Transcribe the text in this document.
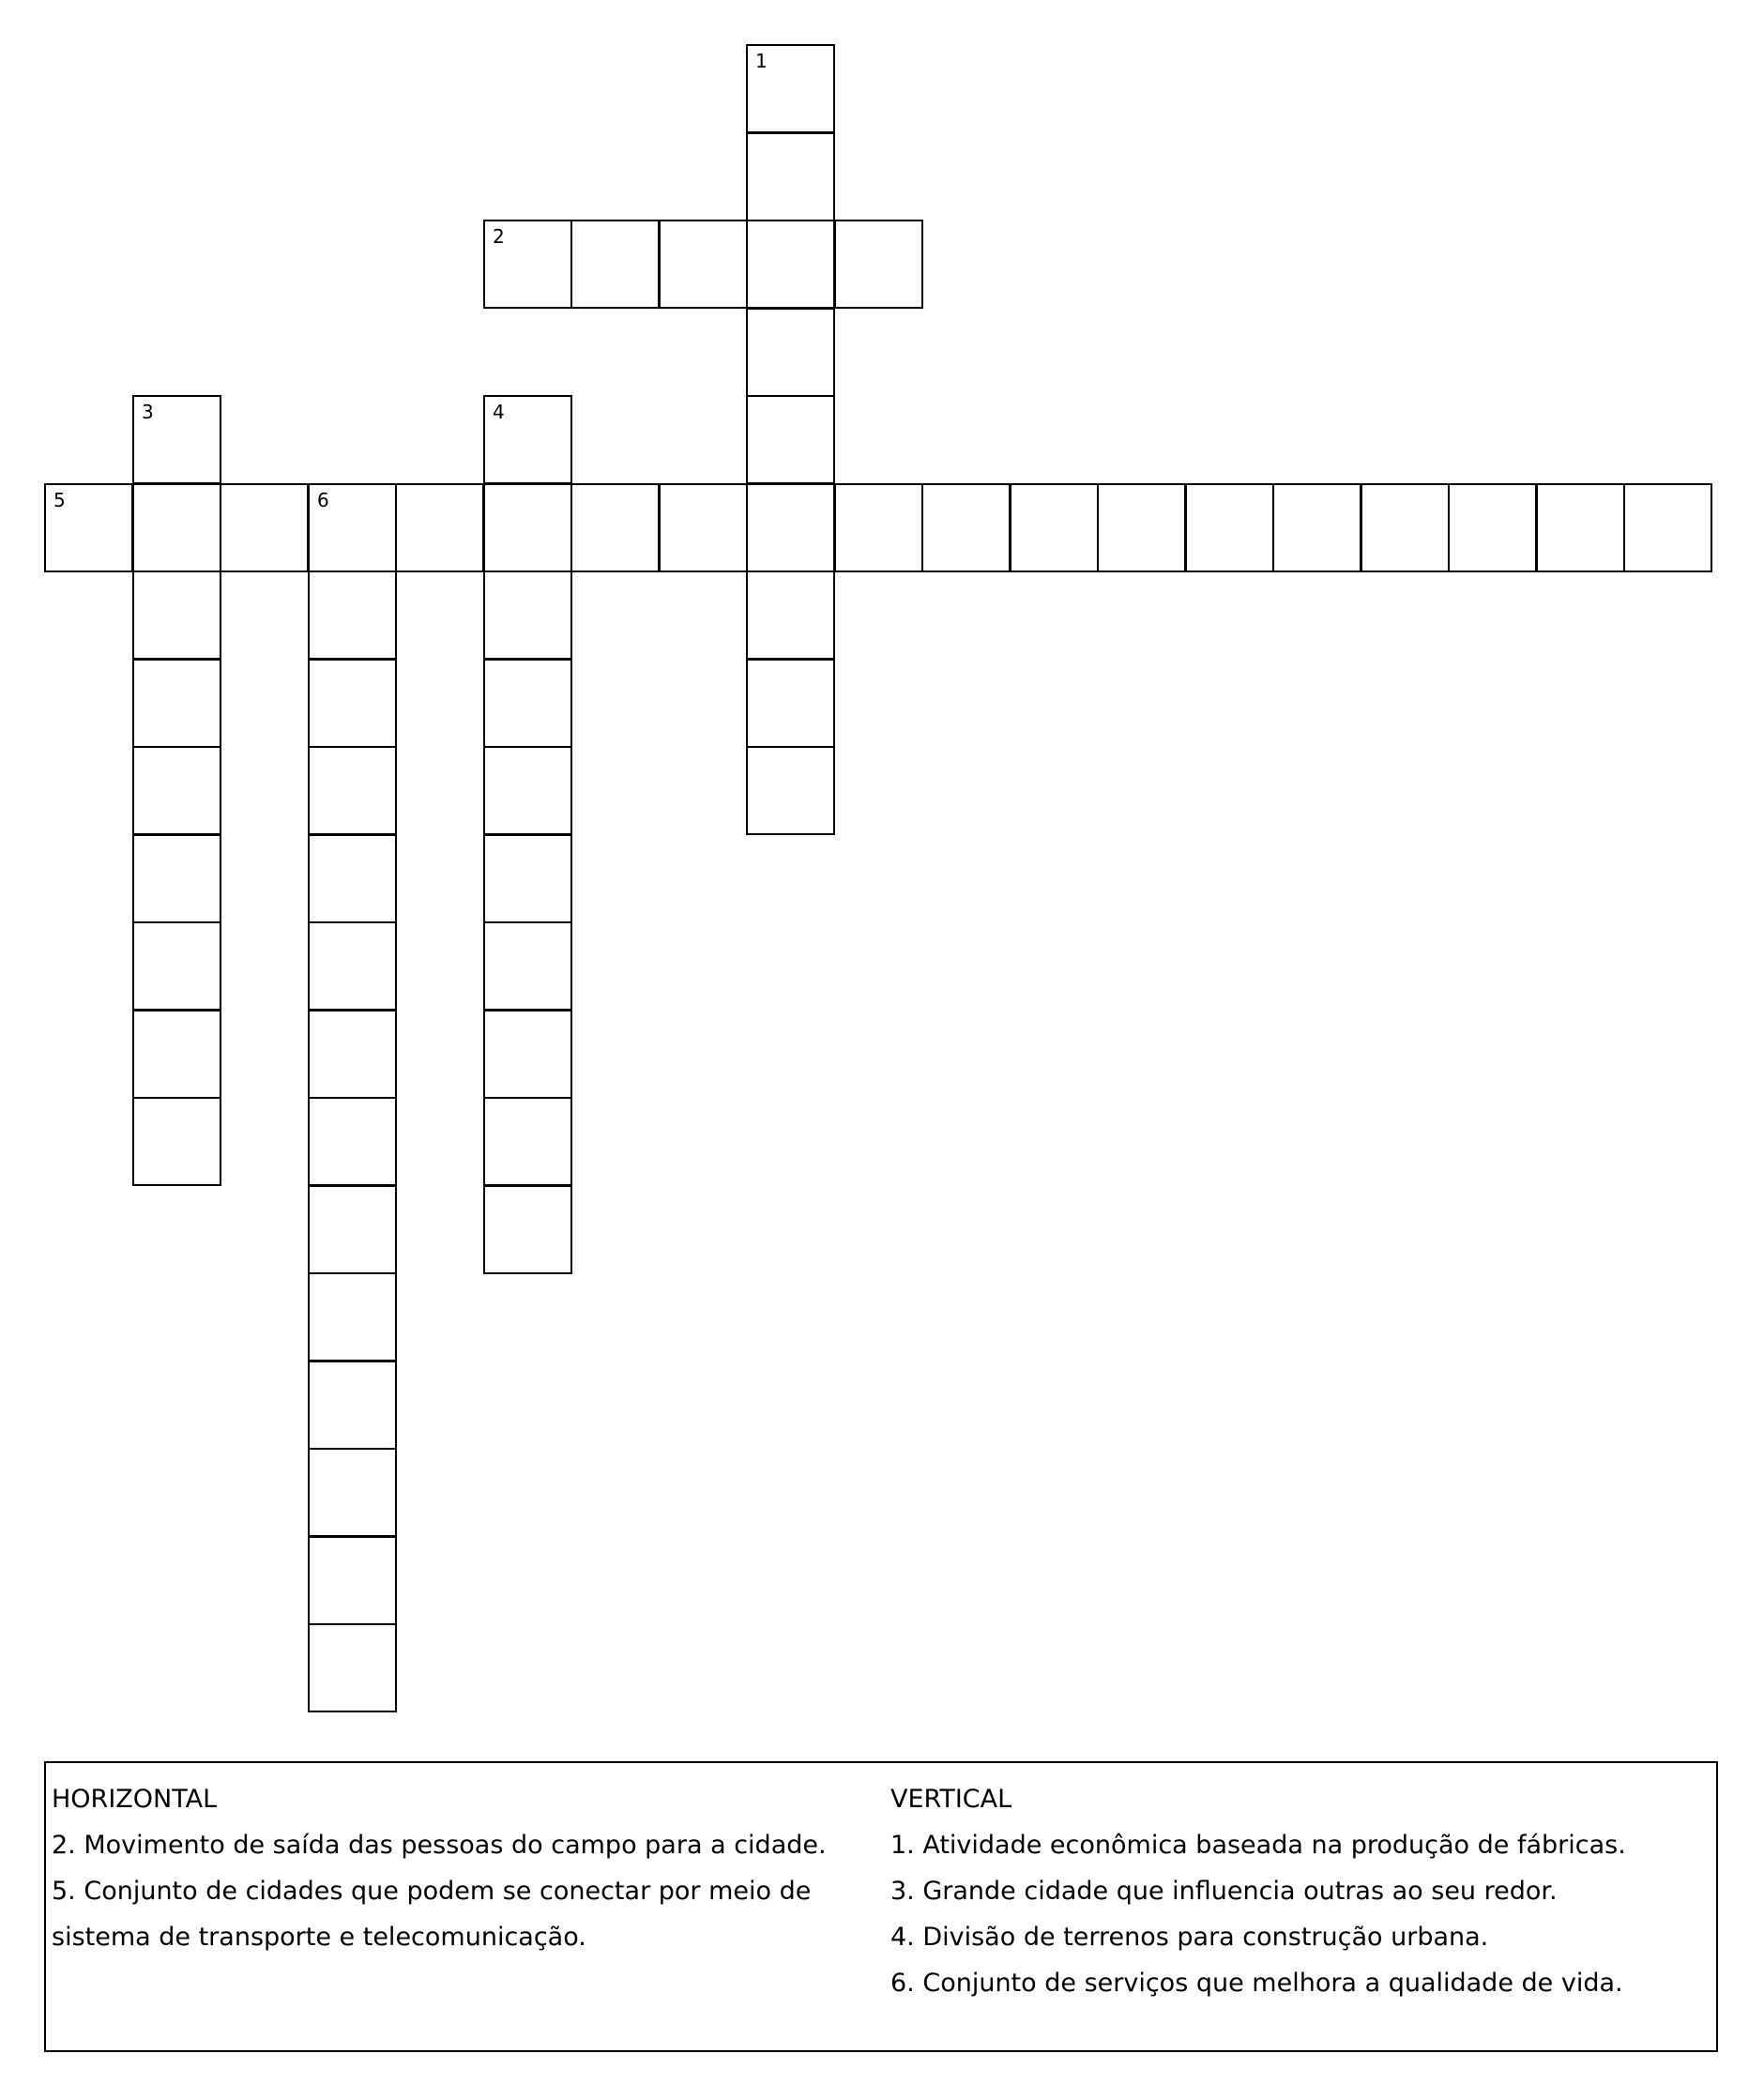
1
2
3	4
5	6
HORIZONTAL
2. Movimento de saída das pessoas do campo para a cidade.
5. Conjunto de cidades que podem se conectar por meio de
sistema de transporte e telecomunicação.
VERTICAL
1. Atividade econômica baseada na produção de fábricas.
3. Grande cidade que influencia outras ao seu redor.
4. Divisão de terrenos para construção urbana.
6. Conjunto de serviços que melhora a qualidade de vida.
